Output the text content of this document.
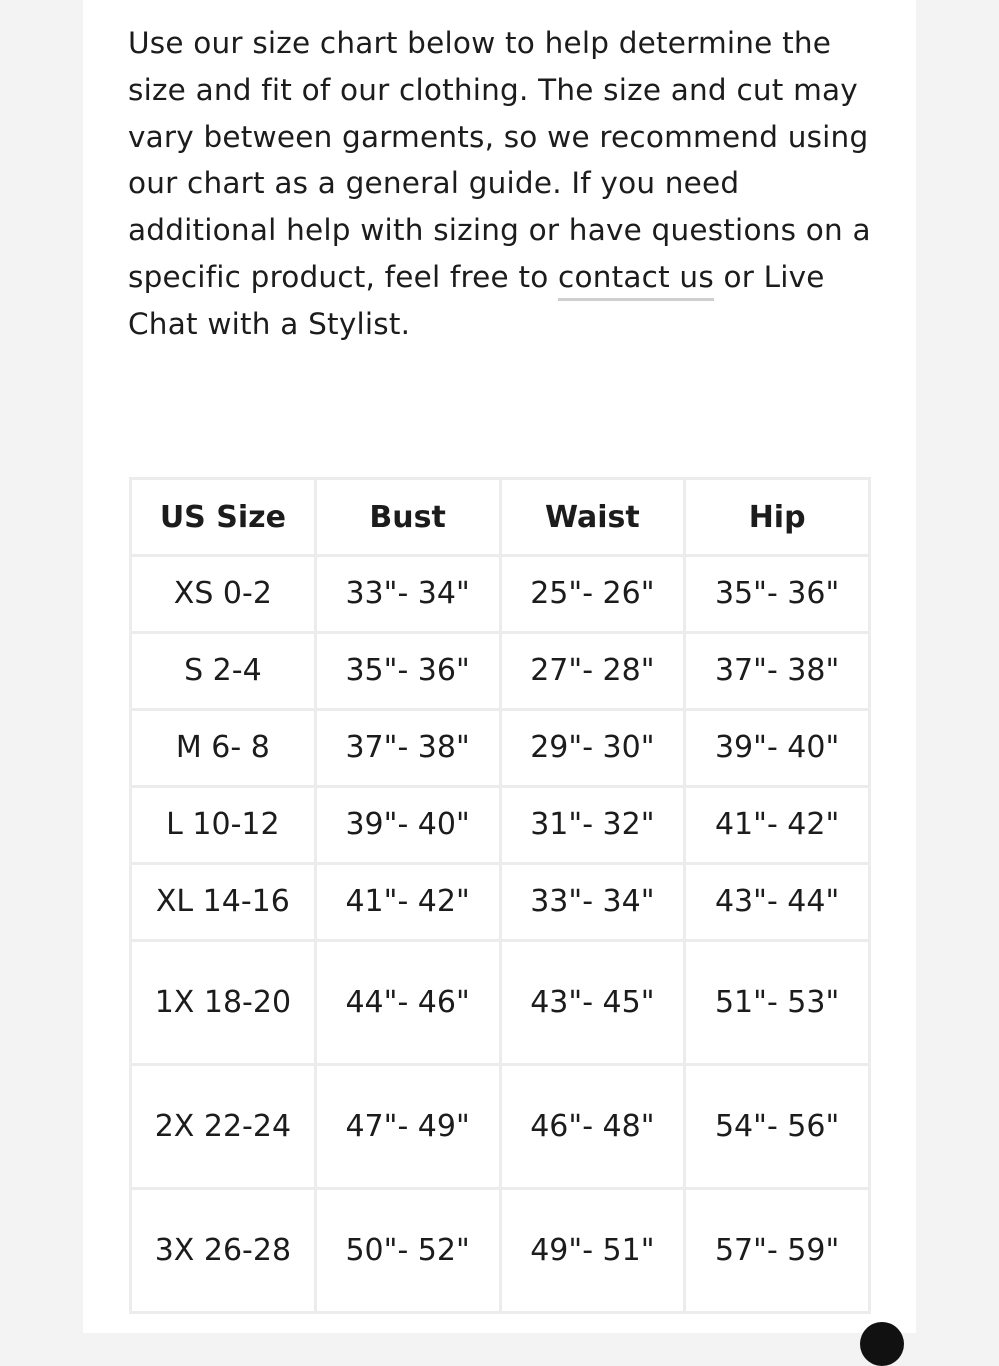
Use our size chart below to help determine the size and fit of our clothing. The size and cut may vary between garments, so we recommend using our chart as a general guide. If you need additional help with sizing or have questions on a specific product, feel free to contact us or Live Chat with a Stylist.

US Size	Bust	Waist	Hip
XS 0-2	33"- 34"	25"- 26"	35"- 36"
S 2-4	35"- 36"	27"- 28"	37"- 38"
M 6- 8	37"- 38"	29"- 30"	39"- 40"
L 10-12	39"- 40"	31"- 32"	41"- 42"
XL 14-16	41"- 42"	33"- 34"	43"- 44"
1X 18-20	44"- 46"	43"- 45"	51"- 53"
2X 22-24	47"- 49"	46"- 48"	54"- 56"
3X 26-28	50"- 52"	49"- 51"	57"- 59"
